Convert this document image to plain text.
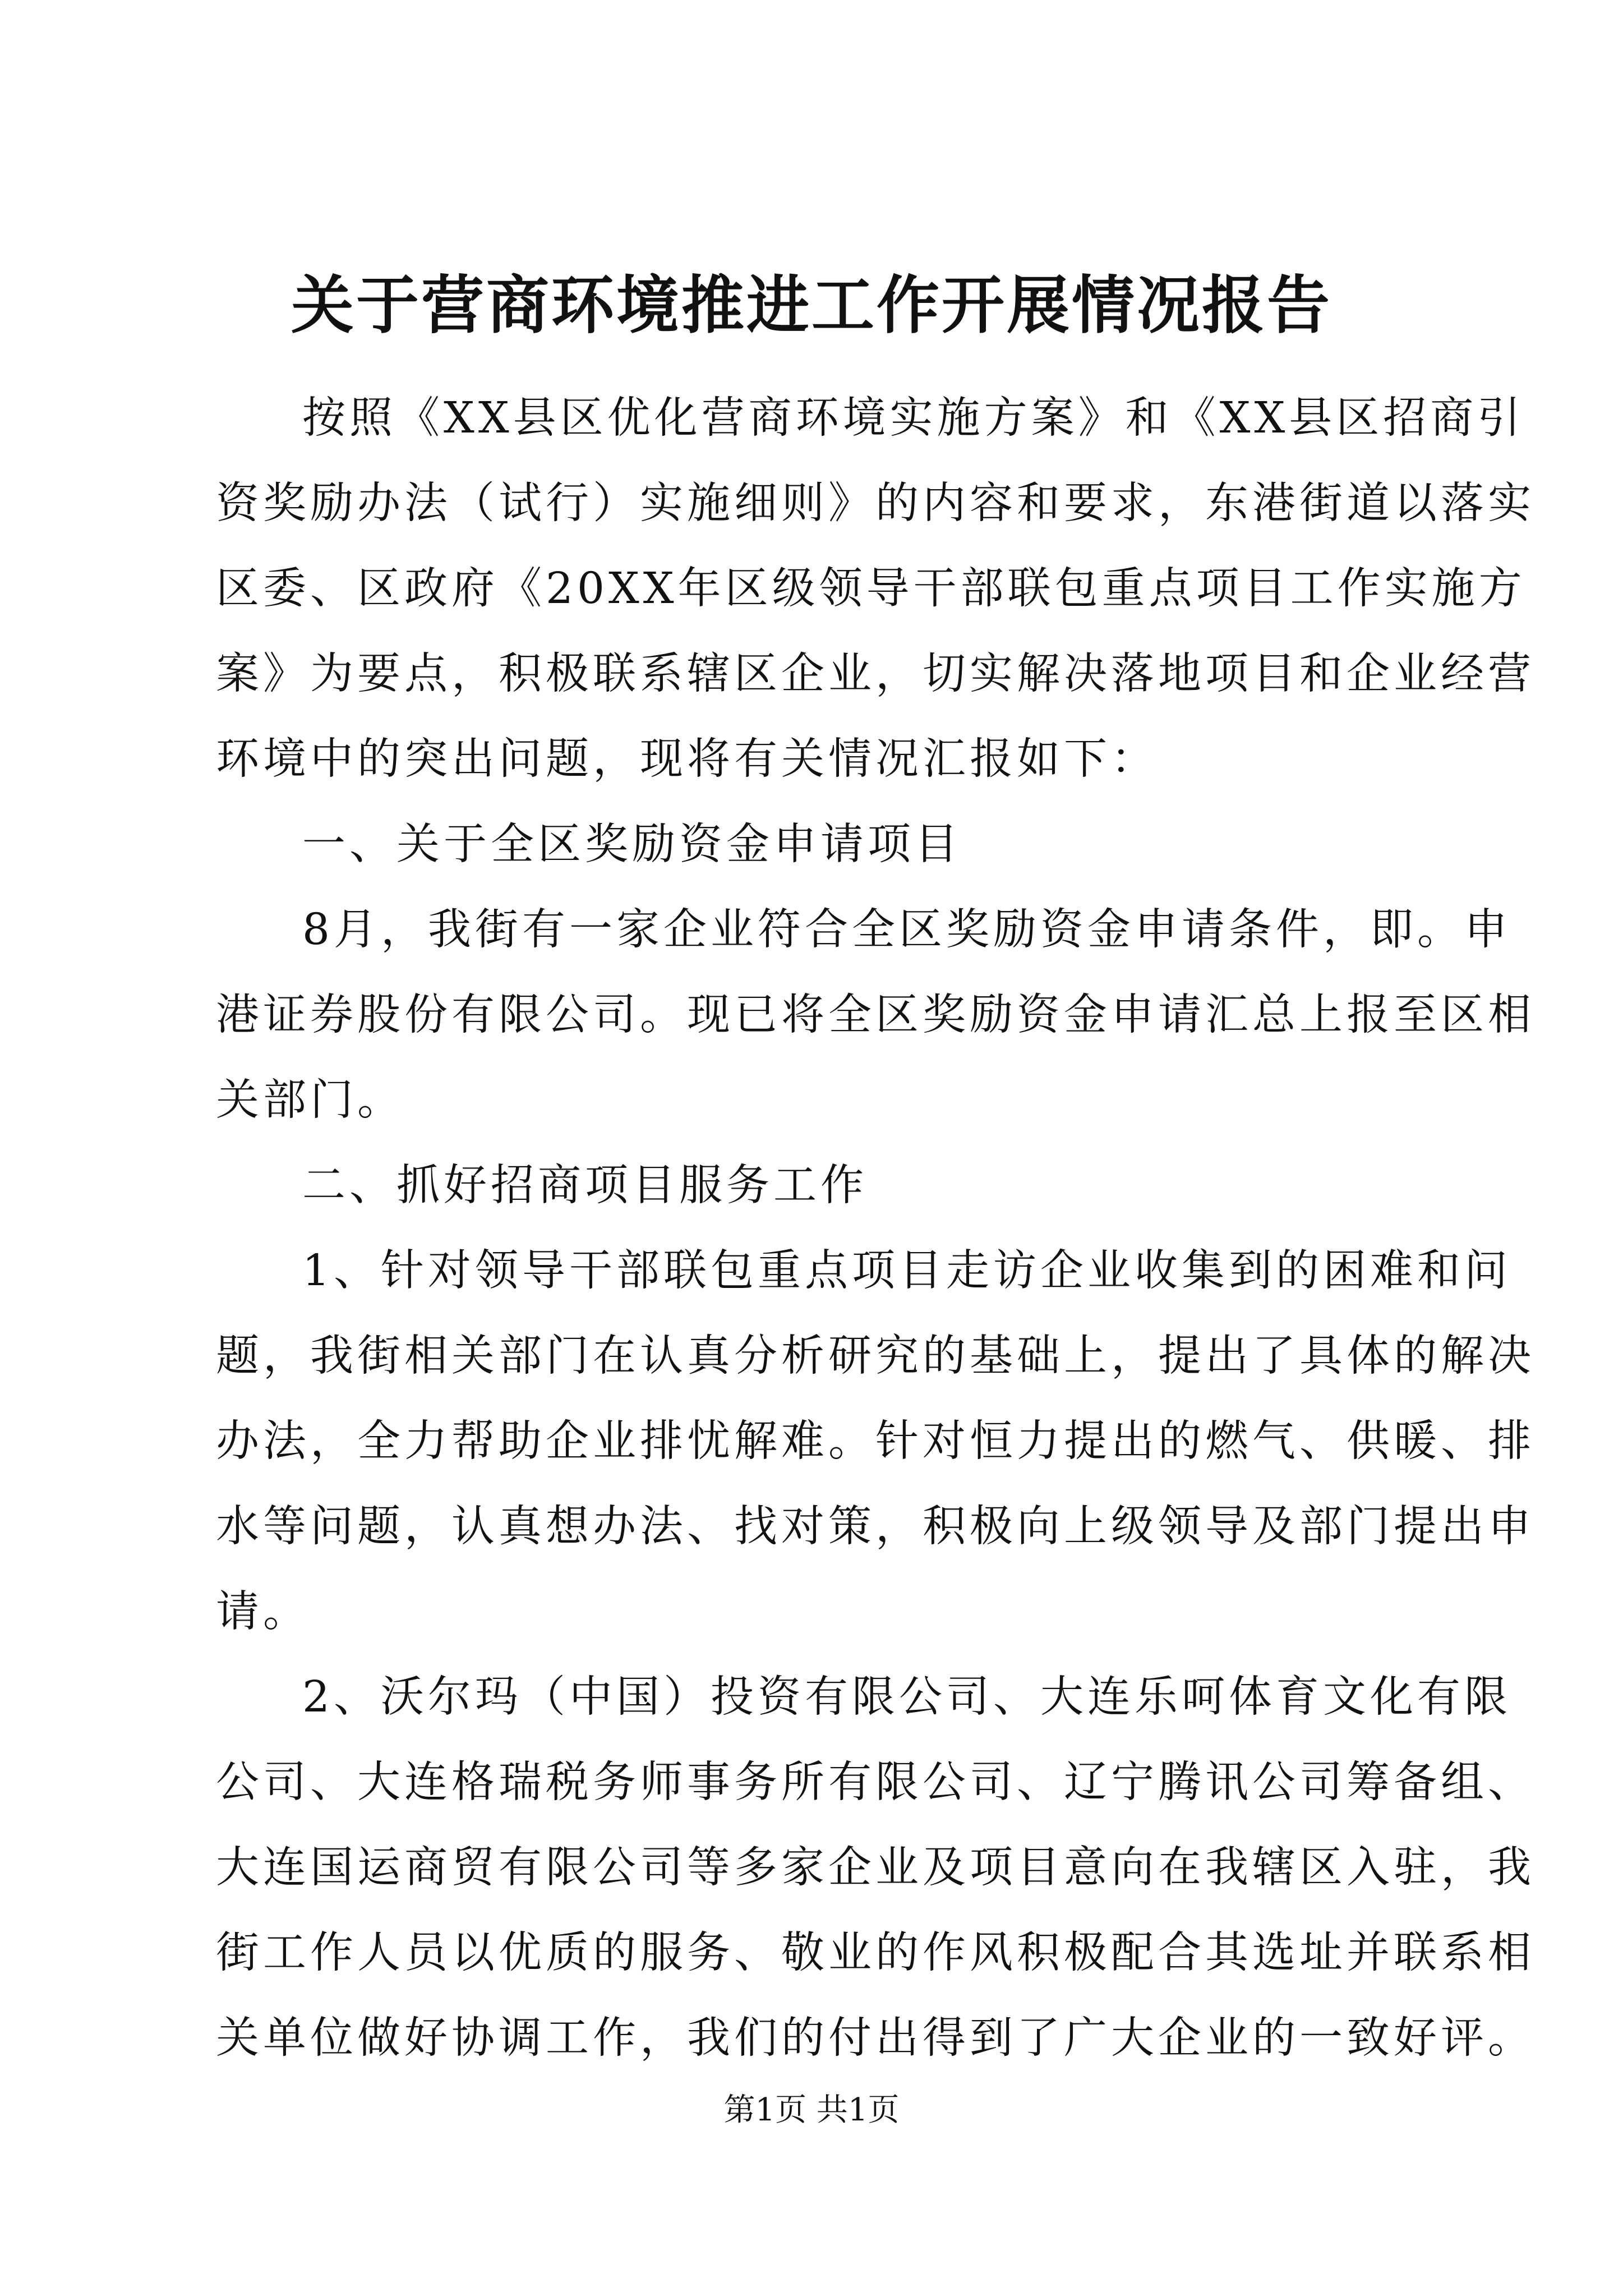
关于营商环境推进工作开展情况报告
按照《XX县区优化营商环境实施方案》和《XX县区招商引
资奖励办法（试行）实施细则》的内容和要求，东港街道以落实
区委、区政府《20XX年区级领导干部联包重点项目工作实施方
案》为要点，积极联系辖区企业，切实解决落地项目和企业经营
环境中的突出问题，现将有关情况汇报如下：
一、关于全区奖励资金申请项目
8月，我街有一家企业符合全区奖励资金申请条件，即。申
港证券股份有限公司。现已将全区奖励资金申请汇总上报至区相
关部门。
二、抓好招商项目服务工作
1、针对领导干部联包重点项目走访企业收集到的困难和问
题，我街相关部门在认真分析研究的基础上，提出了具体的解决
办法，全力帮助企业排忧解难。针对恒力提出的燃气、供暖、排
水等问题，认真想办法、找对策，积极向上级领导及部门提出申
请。
2、沃尔玛（中国）投资有限公司、大连乐呵体育文化有限
公司、大连格瑞税务师事务所有限公司、辽宁腾讯公司筹备组、
大连国运商贸有限公司等多家企业及项目意向在我辖区入驻，我
街工作人员以优质的服务、敬业的作风积极配合其选址并联系相
关单位做好协调工作，我们的付出得到了广大企业的一致好评。
第1页 共1页
